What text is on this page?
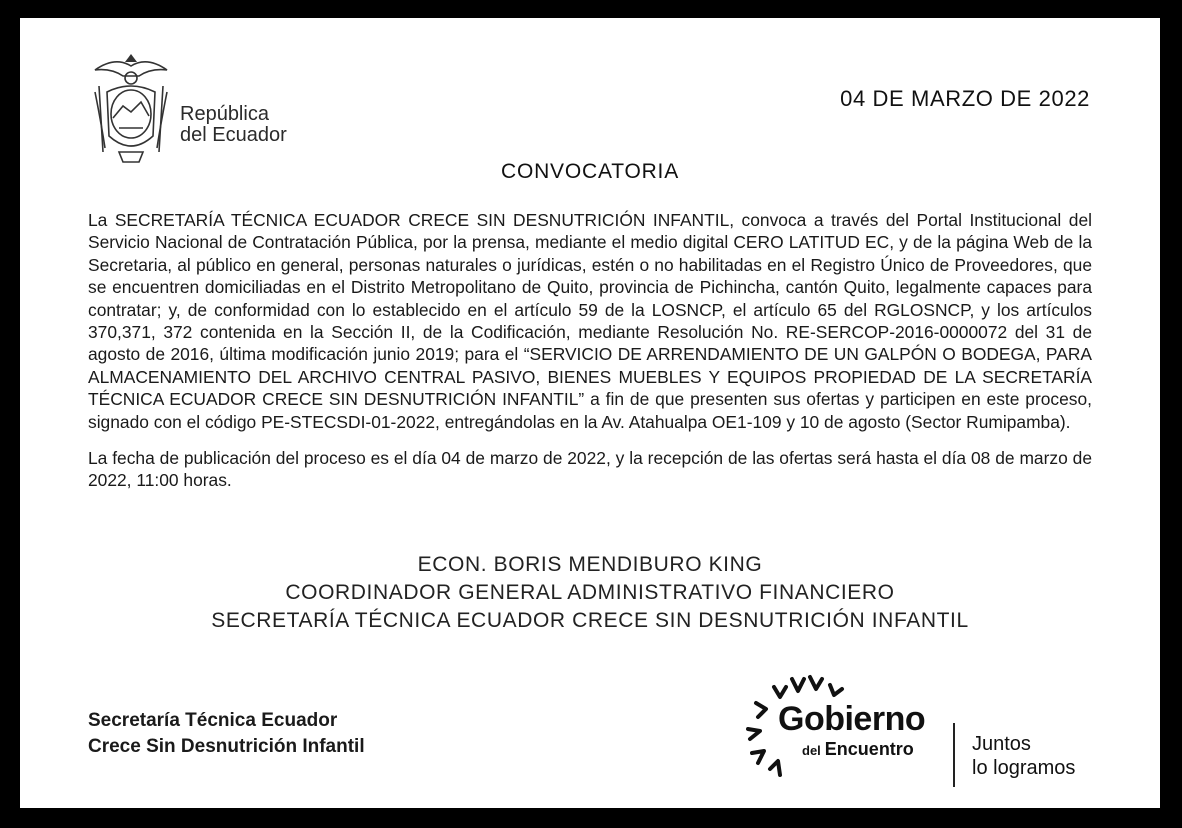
República
del Ecuador
04 DE MARZO DE 2022
CONVOCATORIA

La SECRETARÍA TÉCNICA ECUADOR CRECE SIN DESNUTRICIÓN INFANTIL, convoca a través del Portal Institucional del Servicio Nacional de Contratación Pública, por la prensa, mediante el medio digital CERO LATITUD EC, y de la página Web de la Secretaria, al público en general, personas naturales o jurídicas, estén o no habilitadas en el Registro Único de Proveedores, que se encuentren domiciliadas en el Distrito Metropolitano de Quito, provincia de Pichincha, cantón Quito, legalmente capaces para contratar; y, de conformidad con lo establecido en el artículo 59 de la LOSNCP, el artículo 65 del RGLOSNCP, y los artículos 370,371, 372 contenida en la Sección II, de la Codificación, mediante Resolución No. RE-SERCOP-2016-0000072 del 31 de agosto de 2016, última modificación junio 2019; para el “SERVICIO DE ARRENDAMIENTO DE UN GALPÓN O BODEGA, PARA ALMACENAMIENTO DEL ARCHIVO CENTRAL PASIVO, BIENES MUEBLES Y EQUIPOS PROPIEDAD DE LA SECRETARÍA TÉCNICA ECUADOR CRECE SIN DESNUTRICIÓN INFANTIL” a fin de que presenten sus ofertas y participen en este proceso, signado con el código PE-STECSDI-01-2022, entregándolas en la Av. Atahualpa OE1-109 y 10 de agosto (Sector Rumipamba).

La fecha de publicación del proceso es el día 04 de marzo de 2022, y la recepción de las ofertas será hasta el día 08 de marzo de 2022, 11:00 horas.

ECON. BORIS MENDIBURO KING
COORDINADOR GENERAL ADMINISTRATIVO FINANCIERO
SECRETARÍA TÉCNICA ECUADOR CRECE SIN DESNUTRICIÓN INFANTIL
Secretaría Técnica Ecuador
Crece Sin Desnutrición Infantil
Gobierno
del Encuentro	Juntos
lo logramos
